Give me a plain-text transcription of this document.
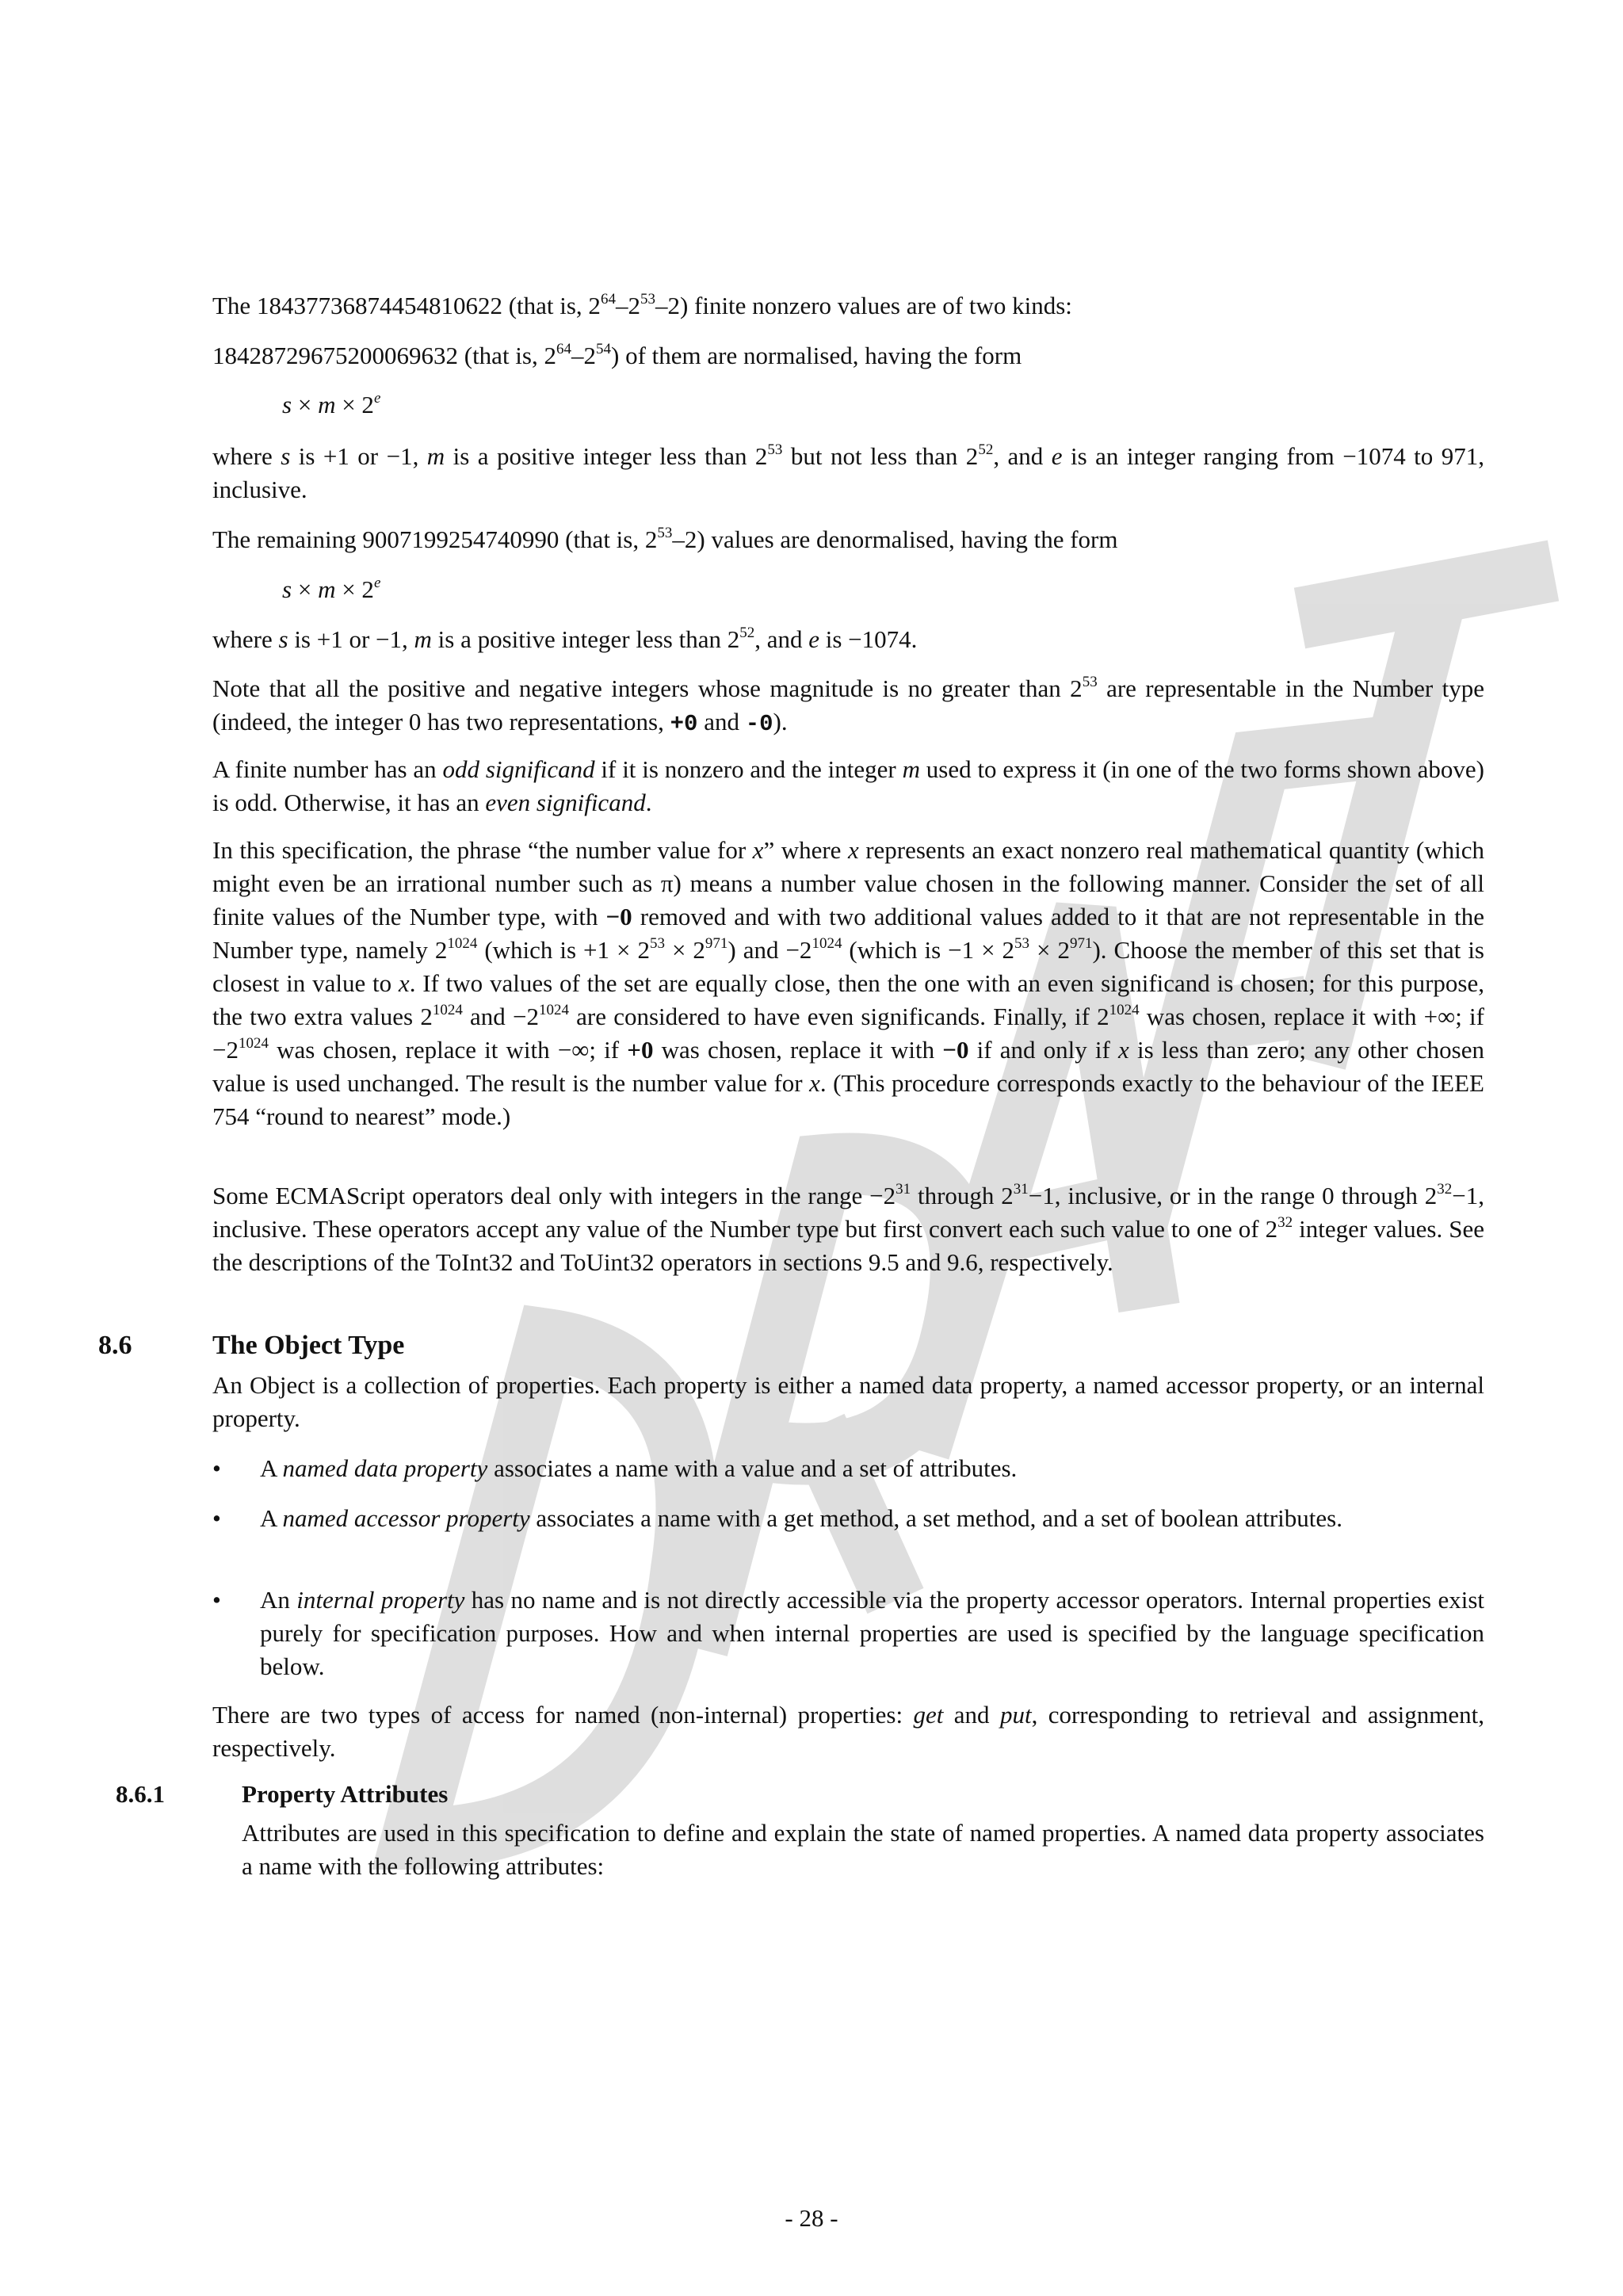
The 18437736874454810622 (that is, $2^{64}-2^{53}-2$) finite nonzero values are of two kinds:

18428729675200069632 (that is, $2^{64}-2^{54}$) of them are normalised, having the form

$s \times m \times 2^e$

where s is +1 or −1, m is a positive integer less than $2^{53}$ but not less than $2^{52}$, and e is an integer ranging from −1074 to 971, inclusive.

The remaining 9007199254740990 (that is, $2^{53}-2$) values are denormalised, having the form

$s \times m \times 2^e$

where s is +1 or −1, m is a positive integer less than $2^{52}$, and e is −1074.

Note that all the positive and negative integers whose magnitude is no greater than $2^{53}$ are representable in the Number type (indeed, the integer 0 has two representations, +0 and -0).

A finite number has an odd significand if it is nonzero and the integer m used to express it (in one of the two forms shown above) is odd. Otherwise, it has an even significand.

In this specification, the phrase “the number value for x” where x represents an exact nonzero real mathematical quantity (which might even be an irrational number such as π) means a number value chosen in the following manner. Consider the set of all finite values of the Number type, with −0 removed and with two additional values added to it that are not representable in the Number type, namely $2^{1024}$ (which is $+1 \times 2^{53} \times 2^{971}$) and $-2^{1024}$ (which is $-1 \times 2^{53} \times 2^{971}$). Choose the member of this set that is closest in value to x. If two values of the set are equally close, then the one with an even significand is chosen; for this purpose, the two extra values $2^{1024}$ and $-2^{1024}$ are considered to have even significands. Finally, if $2^{1024}$ was chosen, replace it with +∞; if $-2^{1024}$ was chosen, replace it with −∞; if +0 was chosen, replace it with −0 if and only if x is less than zero; any other chosen value is used unchanged. The result is the number value for x. (This procedure corresponds exactly to the behaviour of the IEEE 754 “round to nearest” mode.)

Some ECMAScript operators deal only with integers in the range $-2^{31}$ through $2^{31}-1$, inclusive, or in the range 0 through $2^{32}-1$, inclusive. These operators accept any value of the Number type but first convert each such value to one of $2^{32}$ integer values. See the descriptions of the ToInt32 and ToUint32 operators in sections 9.5 and 9.6, respectively.

8.6	The Object Type

An Object is a collection of properties. Each property is either a named data property, a named accessor property, or an internal property.

• A named data property associates a name with a value and a set of attributes.

• A named accessor property associates a name with a get method, a set method, and a set of boolean attributes.

• An internal property has no name and is not directly accessible via the property accessor operators. Internal properties exist purely for specification purposes. How and when internal properties are used is specified by the language specification below.

There are two types of access for named (non-internal) properties: get and put, corresponding to retrieval and assignment, respectively.

8.6.1	Property Attributes

Attributes are used in this specification to define and explain the state of named properties. A named data property associates a name with the following attributes:

- 28 -
